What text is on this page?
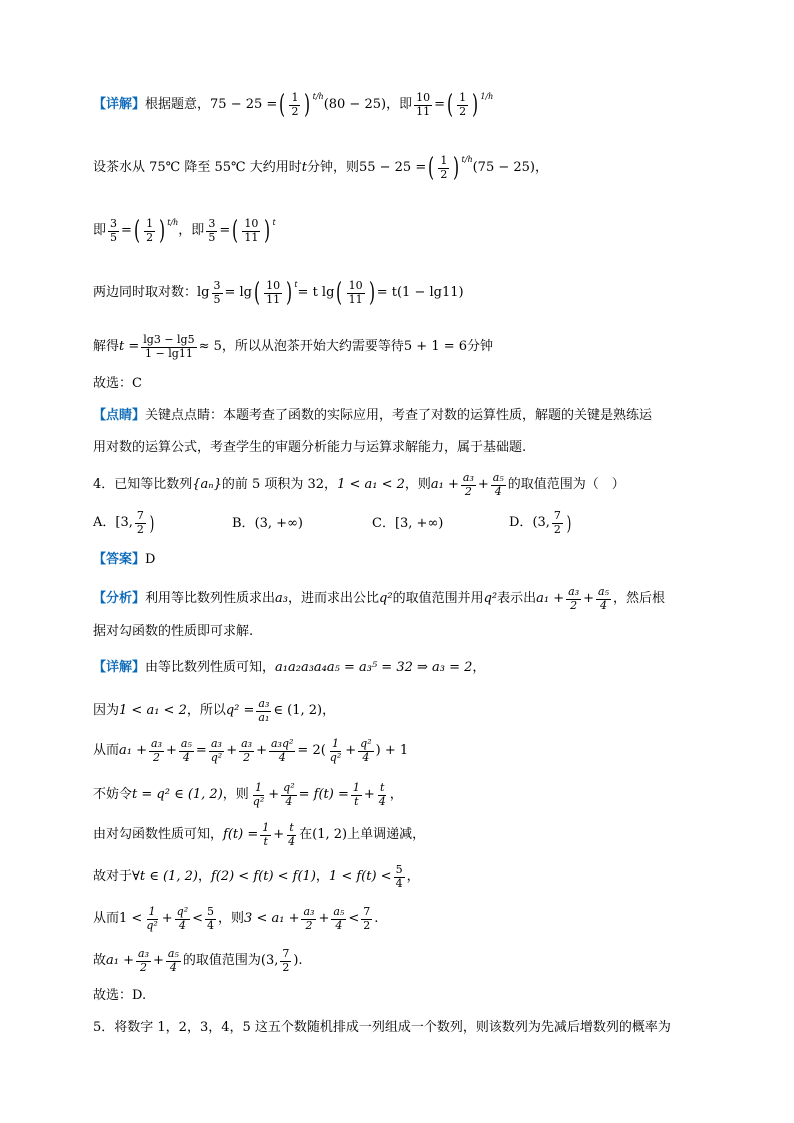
【详解】 根据题意， 75 − 25 = ( $\frac{1}{2}$ ) $^{t/h}$
(80 − 25) ，即 $\frac{10}{11}$ = ( $\frac{1}{2}$ ) $^{1/h}$
设茶水从 75℃ 降至 55℃ 大约用时 t 分钟，则 55 − 25 = ( $\frac{1}{2}$ ) $^{t/h}$
(75 − 25) ，
即 $\frac{3}{5}$ = ( $\frac{1}{2}$ ) $^{t/h}$
，即 $\frac{3}{5}$ = ( $\frac{10}{11}$ ) $^t$
两边同时取对数： $\lg \frac{3}{5} = \lg$ ( $\frac{10}{11}$ ) $^t$
= t lg ( $\frac{10}{11}$ ) = t(1 − lg11)
解得 $t = \frac{\lg 3 - \lg 5}{1 - \lg 11} \approx 5$ ，所以从泡茶开始大约需要等待 5 + 1 = 6 分钟
故选：C
【点睛】 关键点点睛：本题考查了函数的实际应用，考查了对数的运算性质，解题的关键是熟练运
用对数的运算公式，考查学生的审题分析能力与运算求解能力，属于基础题.
4．已知等比数列 {aₙ} 的前 5 项积为 32， 1 < a₁ < 2 ，则 $a_1 + \frac{\text{a₃}}{2} + \frac{\text{a₅}}{4}$ 的取值范围为（　）
A． [3, $\frac{7}{2}$ )	B． (3, +∞)	C． [3, +∞)	D． (3, $\frac{7}{2}$ )
【答案】 D
【分析】 利用等比数列性质求出 a₃ ，进而求出公比 q² 的取值范围并用 q² 表示出 $a_1 + \frac{\text{a₃}}{2} + \frac{\text{a₅}}{4}$ ，然后根
据对勾函数的性质即可求解.
【详解】 由等比数列性质可知， a₁a₂a₃a₄a₅ = a₃⁵ = 32 ⇒ a₃ = 2 ，
因为 1 < a₁ < 2 ，所以 $q^2 = \frac{\text{a₃}}{\text{a₁}}$ ∈ (1, 2) ，
从而 $a_1 + \frac{\text{a₃}}{2} + \frac{\text{a₅}}{4} = \frac{\text{a₃}}{\text{q²}} + \frac{\text{a₃}}{2} + \frac{\text{a₃q²}}{4} = 2( \frac{1}{\text{q²}} + \frac{\text{q²}}{4}$ ) + 1
不妨令 t = q² ∈ (1, 2) ，则 $\frac{1}{\text{q²}} + \frac{\text{q²}}{4} = f(t) = \frac{1}{t} + \frac{t}{4}$ ，
由对勾函数性质可知， $f(t) = \frac{1}{t} + \frac{t}{4}$ 在 (1, 2) 上单调递减，
故对于 ∀t ∈ (1, 2) ， f(2) < f(t) < f(1) ， $1 < f(t) < \frac{5}{4}$ ，
从而 $1 < \frac{1}{\text{q²}} + \frac{\text{q²}}{4} < \frac{5}{4}$ ，则 $3 < a_1 + \frac{\text{a₃}}{2} + \frac{\text{a₅}}{4} < \frac{7}{2}$ .
故 $a_1 + \frac{\text{a₃}}{2} + \frac{\text{a₅}}{4}$ 的取值范围为 (3, $\frac{7}{2}$ ).
故选：D.
5．将数字 1，2，3，4，5 这五个数随机排成一列组成一个数列，则该数列为先减后增数列的概率为
